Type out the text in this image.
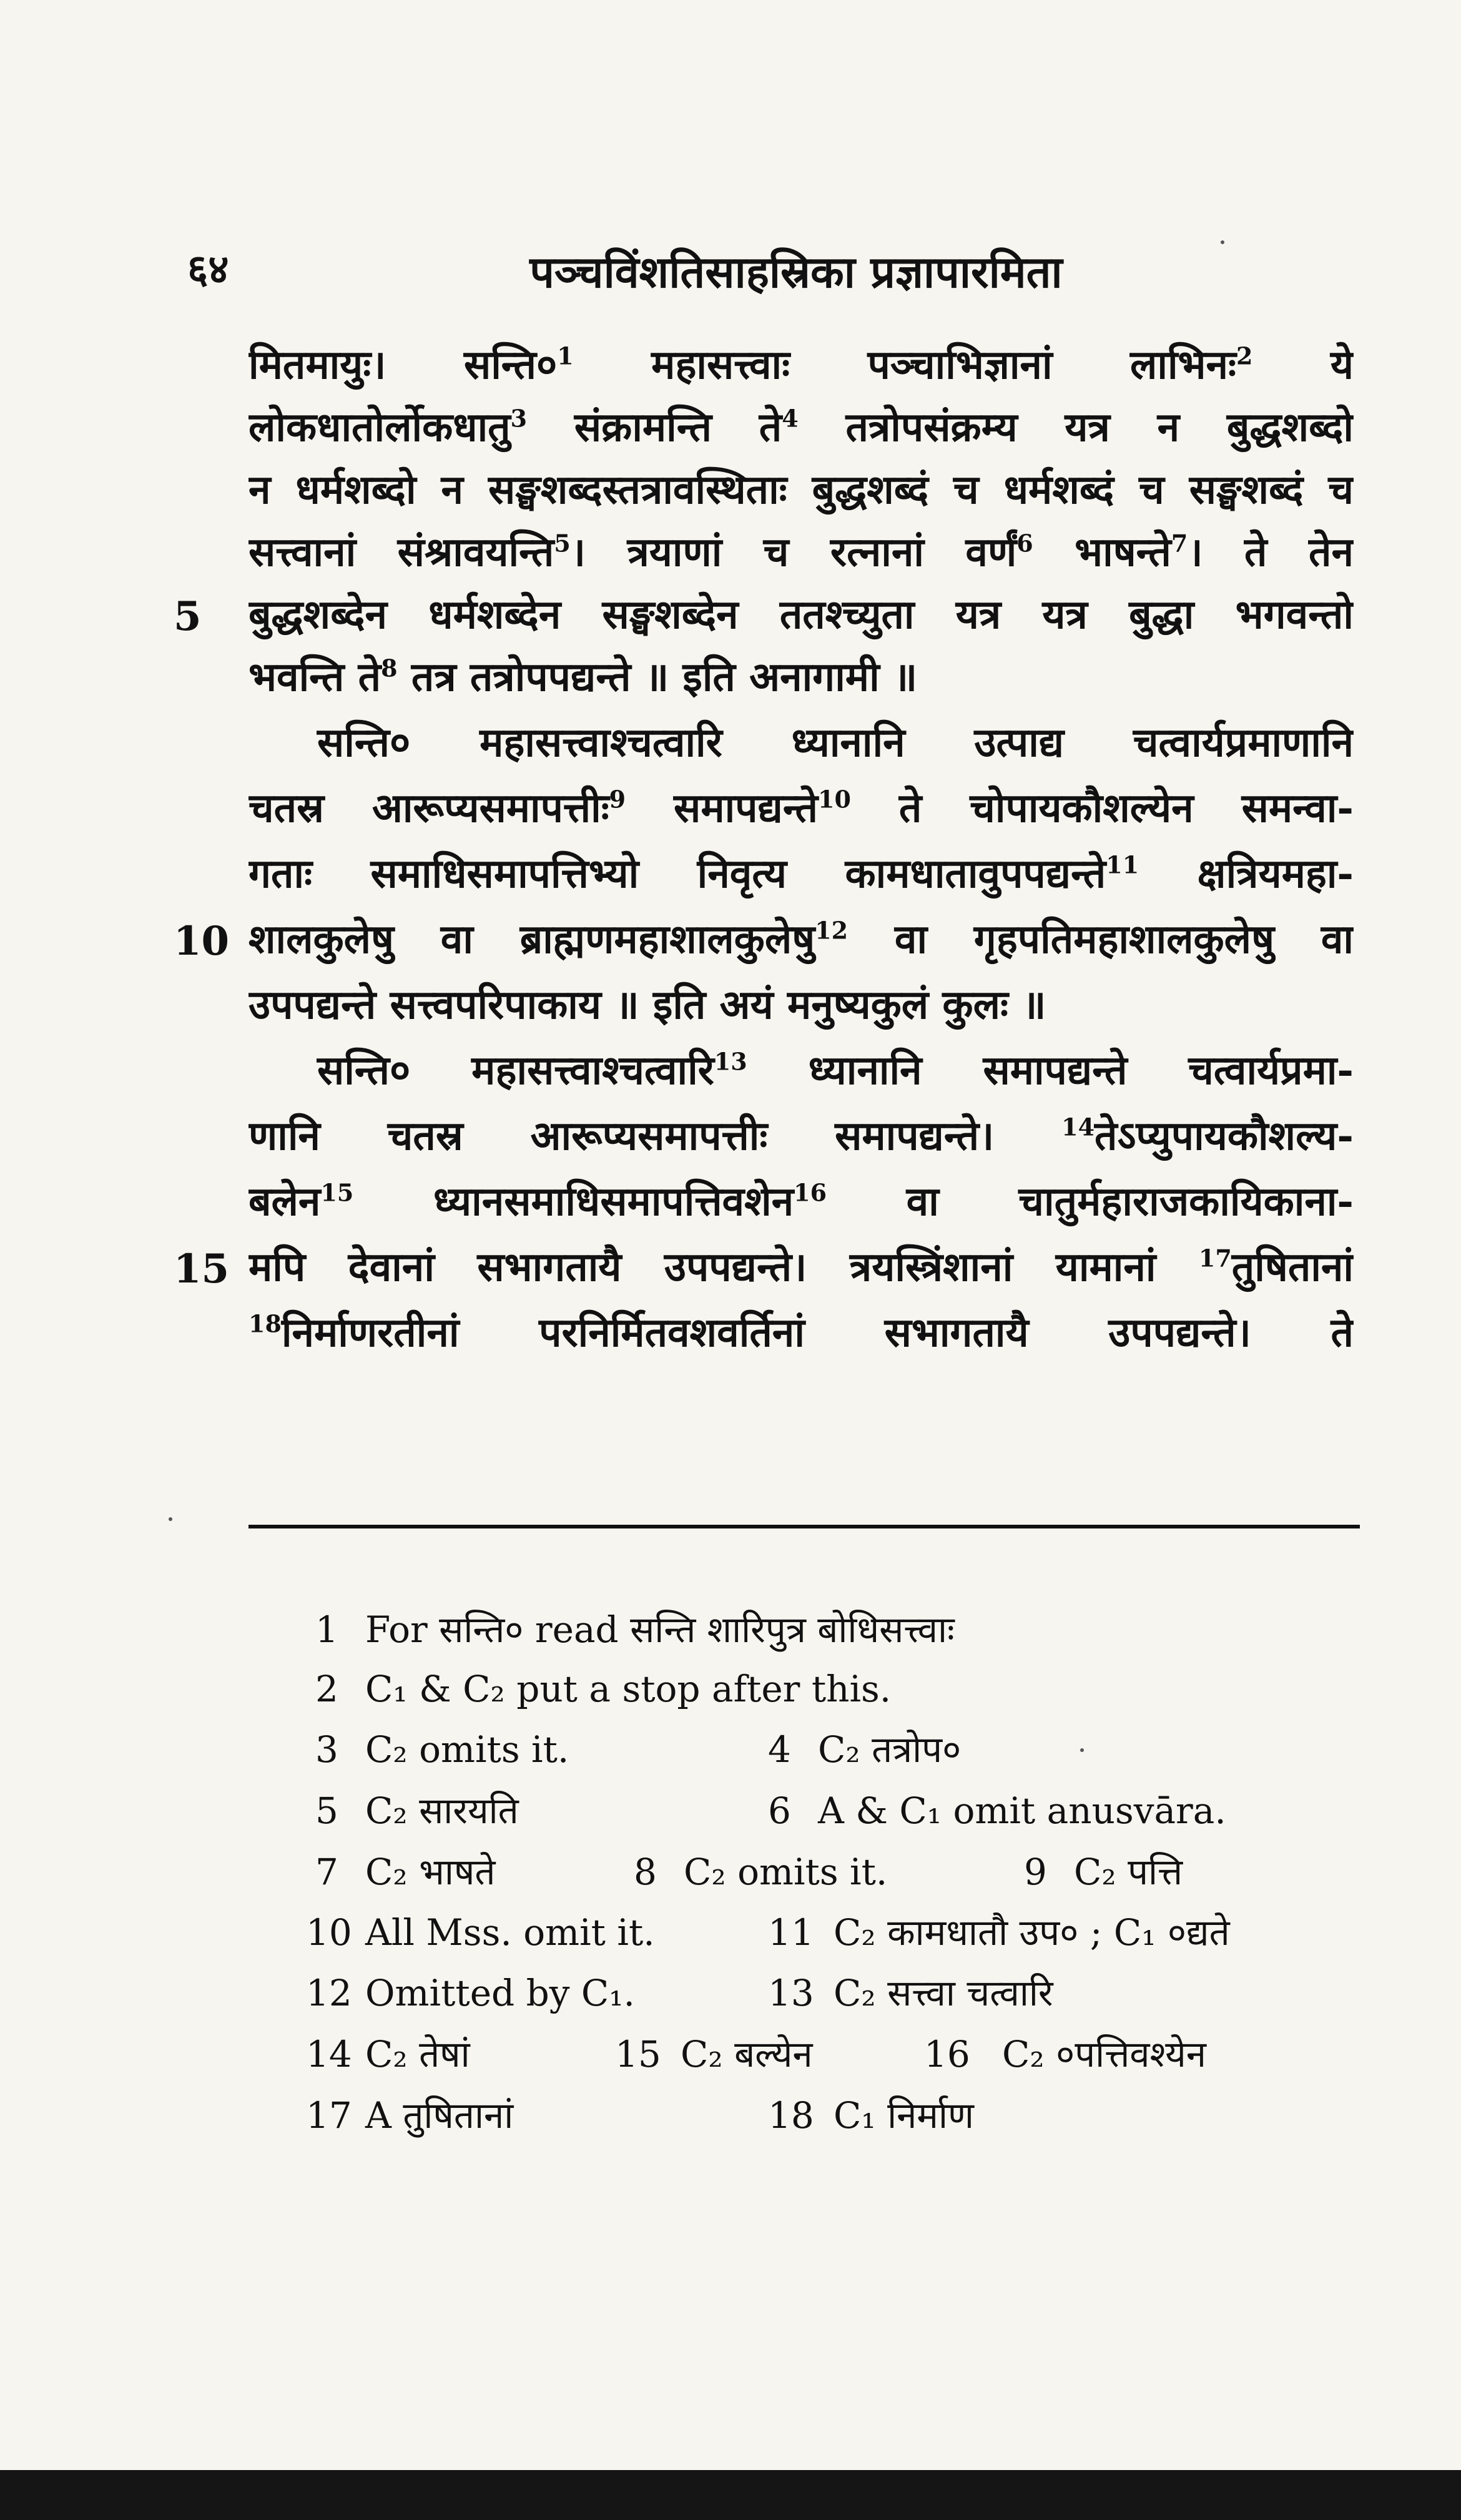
६४	पञ्चविंशतिसाहस्रिका प्रज्ञापारमिता
मितमायुः। $सन्ति०^1$ महासत्त्वाः पञ्चाभिज्ञानां लाभिनः$^2$ ये
लोकधातोर्लोकधातु$^3$ संक्रामन्ति ते$^4$ तत्रोपसंक्रम्य यत्र न बुद्धशब्दो
न धर्मशब्दो न सङ्घशब्दस्तत्रावस्थिताः बुद्धशब्दं च धर्मशब्दं च सङ्घशब्दं च
सत्त्वानां संश्रावयन्ति$^5$। त्रयाणां च रत्नानां वर्णं$^6$ भाषन्ते$^7$। ते तेन
बुद्धशब्देन धर्मशब्देन सङ्घशब्देन ततश्च्युता यत्र यत्र बुद्धा भगवन्तो
भवन्ति ते$^8$ तत्र तत्रोपपद्यन्ते ॥ इति अनागामी ॥
सन्ति० महासत्त्वाश्चत्वारि ध्यानानि उत्पाद्य चत्वार्यप्रमाणानि
चतस्र आरूप्यसमापत्तीः$^9$ समापद्यन्ते$^{10}$ ते चोपायकौशल्येन समन्वा-
गताः समाधिसमापत्तिभ्यो निवृत्य कामधातावुपपद्यन्ते$^{11}$ क्षत्रियमहा-
शालकुलेषु वा ब्राह्मणमहाशालकुलेषु$^{12}$ वा गृहपतिमहाशालकुलेषु वा
उपपद्यन्ते सत्त्वपरिपाकाय ॥ इति अयं मनुष्यकुलं कुलः ॥
सन्ति० महासत्त्वाश्चत्वारि$^{13}$ ध्यानानि समापद्यन्ते चत्वार्यप्रमा-
णानि चतस्र आरूप्यसमापत्तीः समापद्यन्ते। $^{14}$तेऽप्युपायकौशल्य-
बलेन$^{15}$ ध्यानसमाधिसमापत्तिवशेन$^{16}$ वा चातुर्महाराजकायिकाना-
मपि देवानां सभागतायै उपपद्यन्ते। त्रयस्त्रिंशानां यामानां $^{17}$तुषितानां
$^{18}$निर्माणरतीनां परनिर्मितवशवर्तिनां सभागतायै उपपद्यन्ते। ते
5
10
15
1 For सन्ति० read सन्ति शारिपुत्र बोधिसत्त्वाः
2 C₁ & C₂ put a stop after this.
3 C₂ omits it.	4 C₂ तत्रोप०
5 C₂ सारयति	6 A & C₁ omit anusvāra.
7 C₂ भाषते	8 C₂ omits it.	9 C₂ पत्ति
10 All Mss. omit it.	11 C₂ कामधातौ उप० ; C₁ ०द्यते
12 Omitted by C₁.	13 C₂ सत्त्वा चत्वारि
14 C₂ तेषां	15 C₂ बल्येन	16 C₂ ०पत्तिवश्येन
17 A तुषितानां	18 C₁ निर्माण
